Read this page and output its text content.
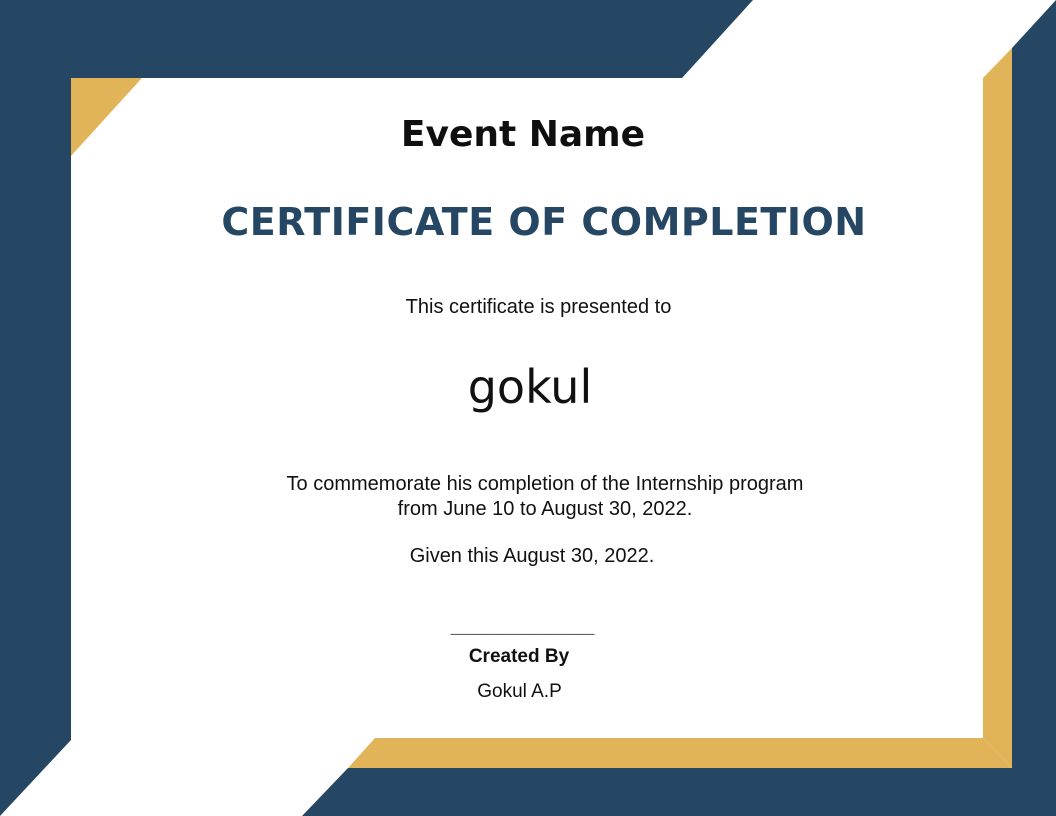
Event Name
CERTIFICATE OF COMPLETION
This certificate is presented to
gokul
To commemorate his completion of the Internship program
from June 10 to August 30, 2022.
Given this August 30, 2022.
_______________
Created By
Gokul A.P
